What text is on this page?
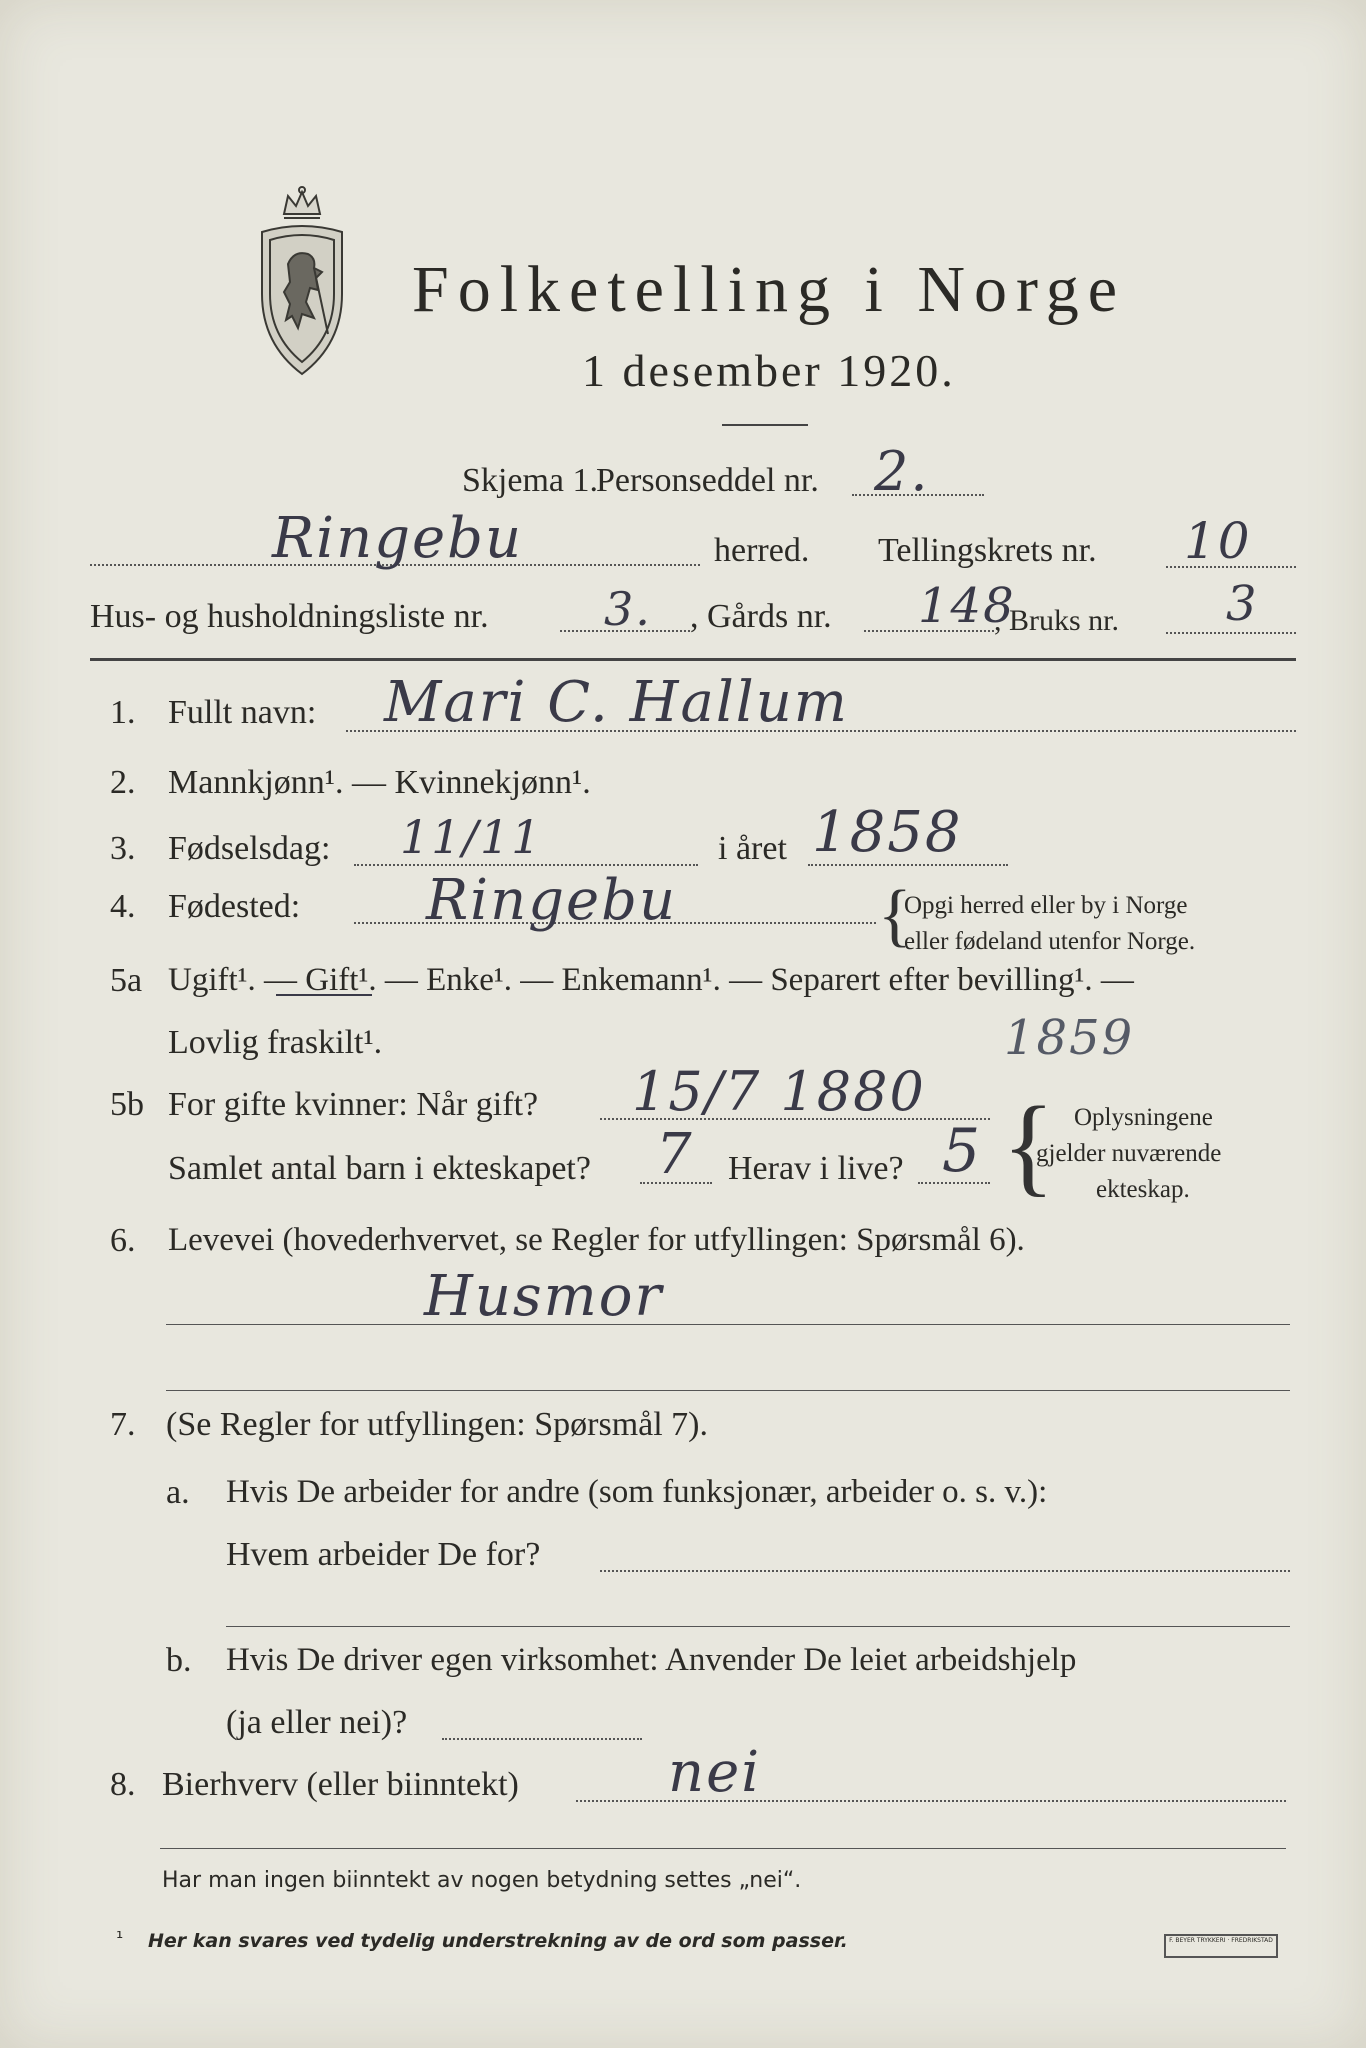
Folketelling i Norge
1 desember 1920.
Skjema 1.
Personseddel nr. 2.
Ringebu	herred. Tellingskrets nr. 10
Hus- og husholdningsliste nr.	3. , Gårds nr. 148
, Bruks nr. 3
1. Fullt navn: Mari C. Hallum
2. Mannkjønn¹. — Kvinnekjønn¹.
3. Fødselsdag: 11/11	i året 1858
4. Fødested: Ringebu	{
Opgi herred eller by i Norge
eller fødeland utenfor Norge.
5a Ugift¹. — Gift¹. — Enke¹. — Enkemann¹. — Separert efter bevilling¹. —
Lovlig fraskilt¹.	1859
5b For gifte kvinner: Når gift? 15/7 1880
Samlet antal barn i ekteskapet? 7 Herav i live? 5 { Oplysningene
gjelder nuværende
ekteskap.
6. Levevei (hovederhvervet, se Regler for utfyllingen: Spørsmål 6).
Husmor
7. (Se Regler for utfyllingen: Spørsmål 7).
a. Hvis De arbeider for andre (som funksjonær, arbeider o. s. v.):
Hvem arbeider De for?
b. Hvis De driver egen virksomhet: Anvender De leiet arbeidshjelp
(ja eller nei)?
8. Bierhverv (eller biinntekt)	nei
Har man ingen biinntekt av nogen betydning settes „nei“.
¹ Her kan svares ved tydelig understrekning av de ord som passer.	F. BEYER TRYKKERI · FREDRIKSTAD
